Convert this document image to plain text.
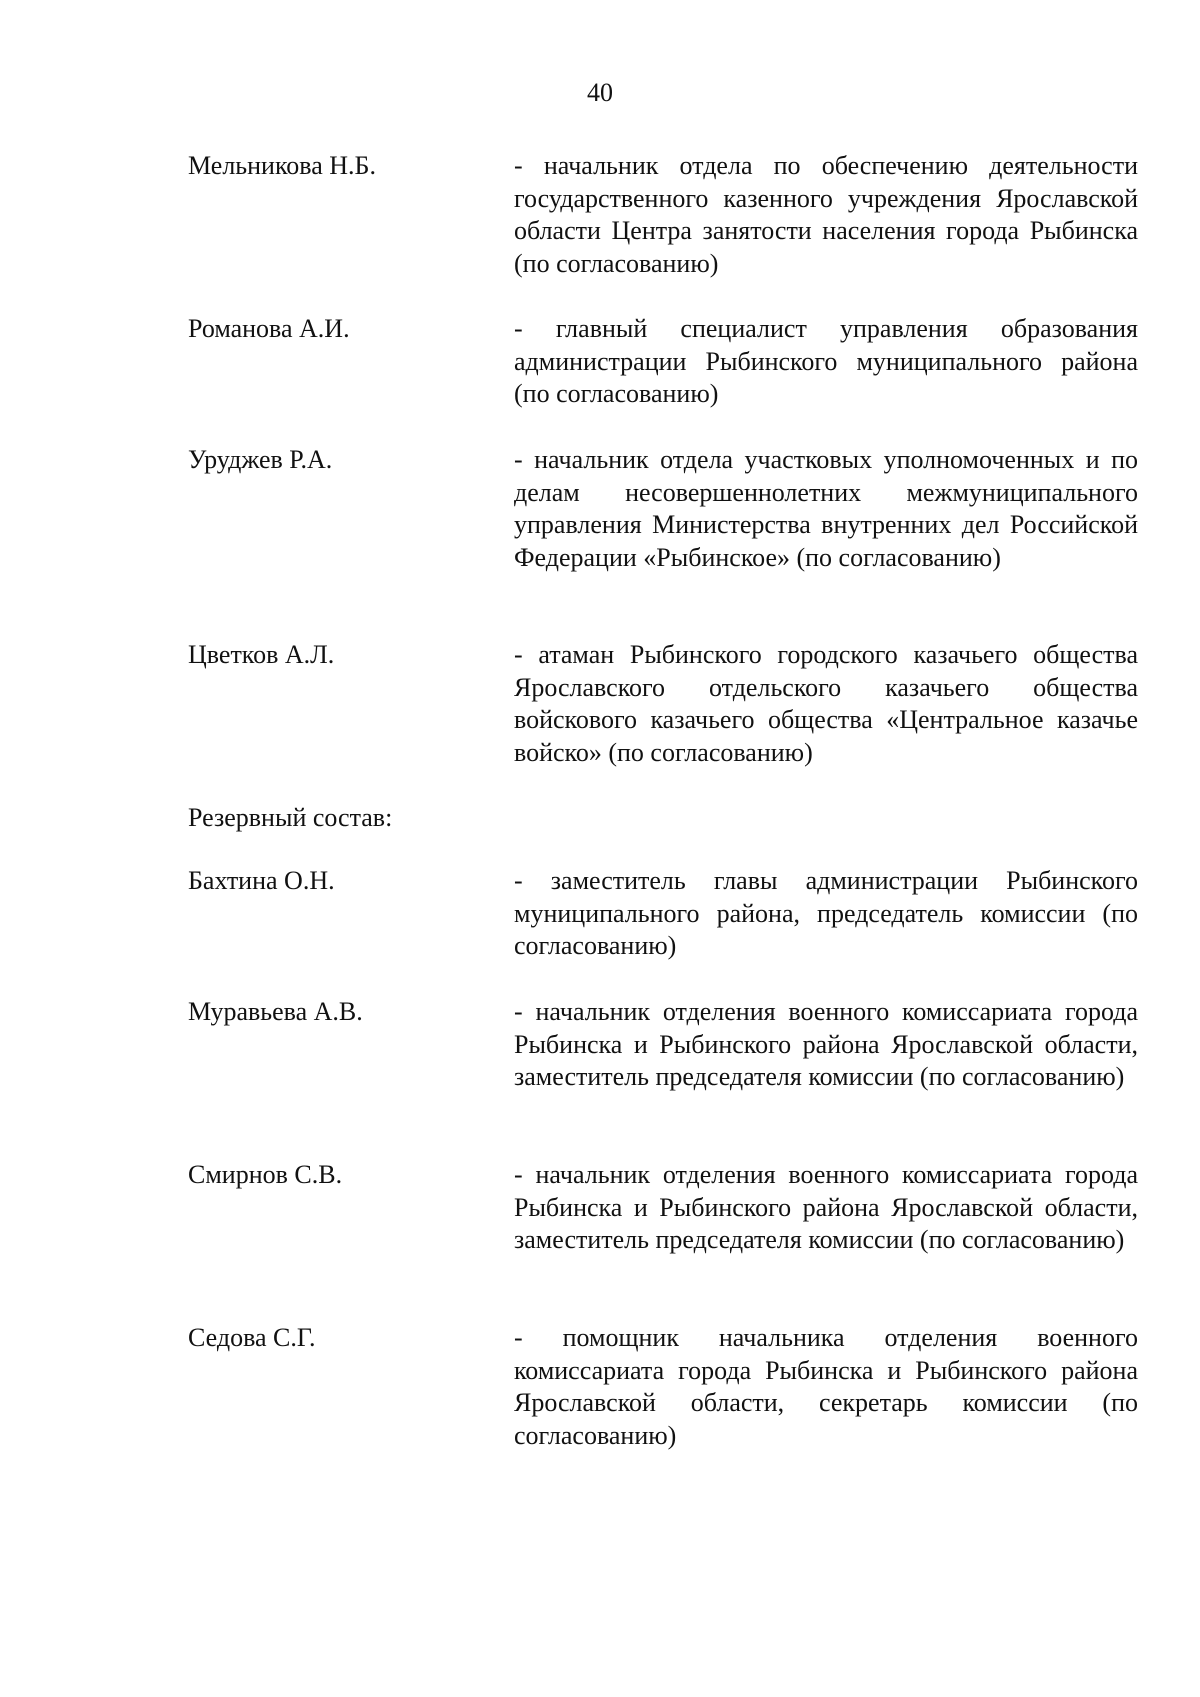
40
Мельникова Н.Б.	- начальник отдела по обеспечению деятельности государственного казенного учреждения Ярославской области Центра занятости населения города Рыбинска (по согласованию)
Романова А.И.	- главный специалист управления образования администрации Рыбинского муниципального района (по согласованию)
Уруджев Р.А.	- начальник отдела участковых уполномоченных и по делам несовершеннолетних межмуниципального управления Министерства внутренних дел Российской Федерации «Рыбинское» (по согласованию)
Цветков А.Л.	- атаман Рыбинского городского казачьего общества Ярославского отдельского казачьего общества войскового казачьего общества «Центральное казачье войско» (по согласованию)
Резервный состав:
Бахтина О.Н.	- заместитель главы администрации Рыбинского муниципального района, председатель комиссии (по согласованию)
Муравьева А.В.	- начальник отделения военного комиссариата города Рыбинска и Рыбинского района Ярославской области, заместитель председателя комиссии (по согласованию)
Смирнов С.В.	- начальник отделения военного комиссариата города Рыбинска и Рыбинского района Ярославской области, заместитель председателя комиссии (по согласованию)
Седова С.Г.	- помощник начальника отделения военного комиссариата города Рыбинска и Рыбинского района Ярославской области, секретарь комиссии (по согласованию)
